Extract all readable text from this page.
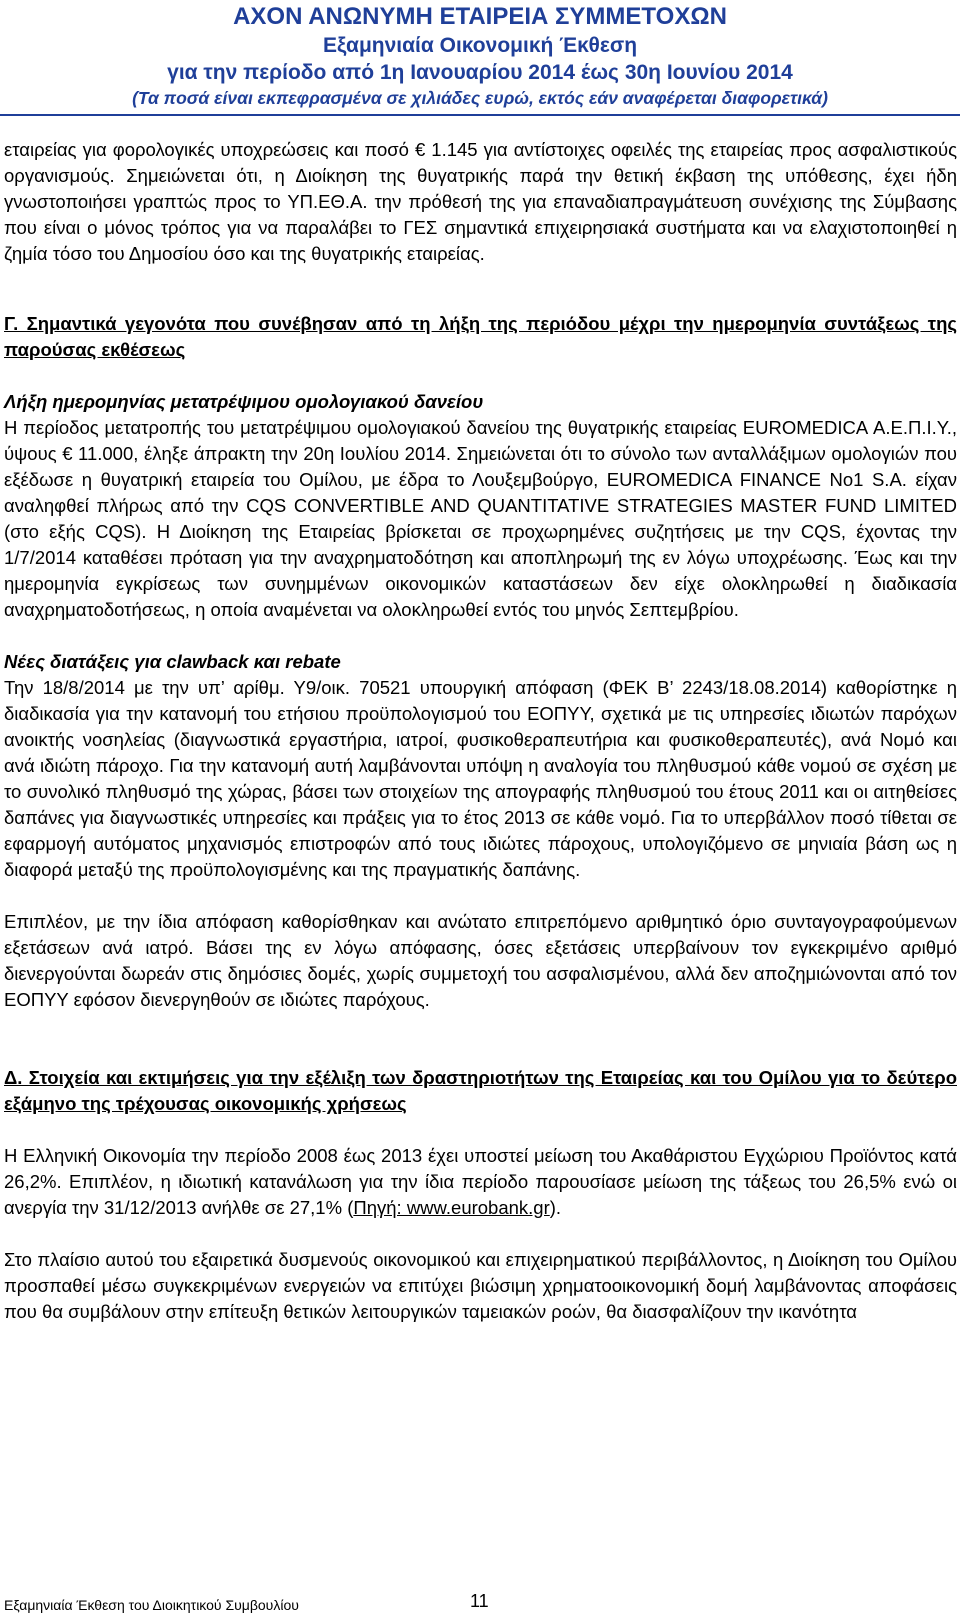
ΑΧΟΝ ΑΝΩΝΥΜΗ ΕΤΑΙΡΕΙΑ ΣΥΜΜΕΤΟΧΩΝ
Εξαμηνιαία Οικονομική Έκθεση
για την περίοδο από 1η Ιανουαρίου 2014 έως 30η Ιουνίου 2014
(Τα ποσά είναι εκπεφρασμένα σε χιλιάδες ευρώ, εκτός εάν αναφέρεται διαφορετικά)

εταιρείας για φορολογικές υποχρεώσεις και ποσό € 1.145 για αντίστοιχες οφειλές της εταιρείας προς ασφαλιστικούς οργανισμούς. Σημειώνεται ότι, η Διοίκηση της θυγατρικής παρά την θετική έκβαση της υπόθεσης, έχει ήδη γνωστοποιήσει γραπτώς προς το ΥΠ.ΕΘ.Α. την πρόθεσή της για επαναδιαπραγμάτευση συνέχισης της Σύμβασης που είναι ο μόνος τρόπος για να παραλάβει το ΓΕΣ σημαντικά επιχειρησιακά συστήματα και να ελαχιστοποιηθεί η ζημία τόσο του Δημοσίου όσο και της θυγατρικής εταιρείας.

Γ. Σημαντικά γεγονότα που συνέβησαν από τη λήξη της περιόδου μέχρι την ημερομηνία συντάξεως της παρούσας εκθέσεως

Λήξη ημερομηνίας μετατρέψιμου ομολογιακού δανείου

Η περίοδος μετατροπής του μετατρέψιμου ομολογιακού δανείου της θυγατρικής εταιρείας EUROMEDICA Α.Ε.Π.Ι.Υ., ύψους € 11.000, έληξε άπρακτη την 20η Ιουλίου 2014. Σημειώνεται ότι το σύνολο των ανταλλάξιμων ομολογιών που εξέδωσε η θυγατρική εταιρεία του Ομίλου, με έδρα το Λουξεμβούργο, EUROMEDICA FINANCE No1 S.A. είχαν αναληφθεί πλήρως από την CQS CONVERTIBLE AND QUANTITATIVE STRATEGIES MASTER FUND LIMITED (στο εξής CQS). Η Διοίκηση της Εταιρείας βρίσκεται σε προχωρημένες συζητήσεις με την CQS, έχοντας την 1/7/2014 καταθέσει πρόταση για την αναχρηματοδότηση και αποπληρωμή της εν λόγω υποχρέωσης. Έως και την ημερομηνία εγκρίσεως των συνημμένων οικονομικών καταστάσεων δεν είχε ολοκληρωθεί η διαδικασία αναχρηματοδοτήσεως, η οποία αναμένεται να ολοκληρωθεί εντός του μηνός Σεπτεμβρίου.

Νέες διατάξεις για clawback και rebate

Την 18/8/2014 με την υπ’ αρίθμ. Υ9/οικ. 70521 υπουργική απόφαση (ΦΕΚ Β’ 2243/18.08.2014) καθορίστηκε η διαδικασία για την κατανομή του ετήσιου προϋπολογισμού του ΕΟΠΥΥ, σχετικά με τις υπηρεσίες ιδιωτών παρόχων ανοικτής νοσηλείας (διαγνωστικά εργαστήρια, ιατροί, φυσικοθεραπευτήρια και φυσικοθεραπευτές), ανά Νομό και ανά ιδιώτη πάροχο. Για την κατανομή αυτή λαμβάνονται υπόψη η αναλογία του πληθυσμού κάθε νομού σε σχέση με το συνολικό πληθυσμό της χώρας, βάσει των στοιχείων της απογραφής πληθυσμού του έτους 2011 και οι αιτηθείσες δαπάνες για διαγνωστικές υπηρεσίες και πράξεις για το έτος 2013 σε κάθε νομό. Για το υπερβάλλον ποσό τίθεται σε εφαρμογή αυτόματος μηχανισμός επιστροφών από τους ιδιώτες πάροχους, υπολογιζόμενο σε μηνιαία βάση ως η διαφορά μεταξύ της προϋπολογισμένης και της πραγματικής δαπάνης.

Επιπλέον, με την ίδια απόφαση καθορίσθηκαν και ανώτατο επιτρεπόμενο αριθμητικό όριο συνταγογραφούμενων εξετάσεων ανά ιατρό. Βάσει της εν λόγω απόφασης, όσες εξετάσεις υπερβαίνουν τον εγκεκριμένο αριθμό διενεργούνται δωρεάν στις δημόσιες δομές, χωρίς συμμετοχή του ασφαλισμένου, αλλά δεν αποζημιώνονται από τον ΕΟΠΥΥ εφόσον διενεργηθούν σε ιδιώτες παρόχους.

Δ. Στοιχεία και εκτιμήσεις για την εξέλιξη των δραστηριοτήτων της Εταιρείας και του Ομίλου για το δεύτερο εξάμηνο της τρέχουσας οικονομικής χρήσεως

Η Ελληνική Οικονομία την περίοδο 2008 έως 2013 έχει υποστεί μείωση του Ακαθάριστου Εγχώριου Προϊόντος κατά 26,2%. Επιπλέον, η ιδιωτική κατανάλωση για την ίδια περίοδο παρουσίασε μείωση της τάξεως του 26,5% ενώ οι ανεργία την 31/12/2013 ανήλθε σε 27,1% (Πηγή: www.eurobank.gr).

Στο πλαίσιο αυτού του εξαιρετικά δυσμενούς οικονομικού και επιχειρηματικού περιβάλλοντος, η Διοίκηση του Ομίλου προσπαθεί μέσω συγκεκριμένων ενεργειών να επιτύχει βιώσιμη χρηματοοικονομική δομή λαμβάνοντας αποφάσεις που θα συμβάλουν στην επίτευξη θετικών λειτουργικών ταμειακών ροών, θα διασφαλίζουν την ικανότητα

Εξαμηνιαία Έκθεση του Διοικητικού Συμβουλίου	11
